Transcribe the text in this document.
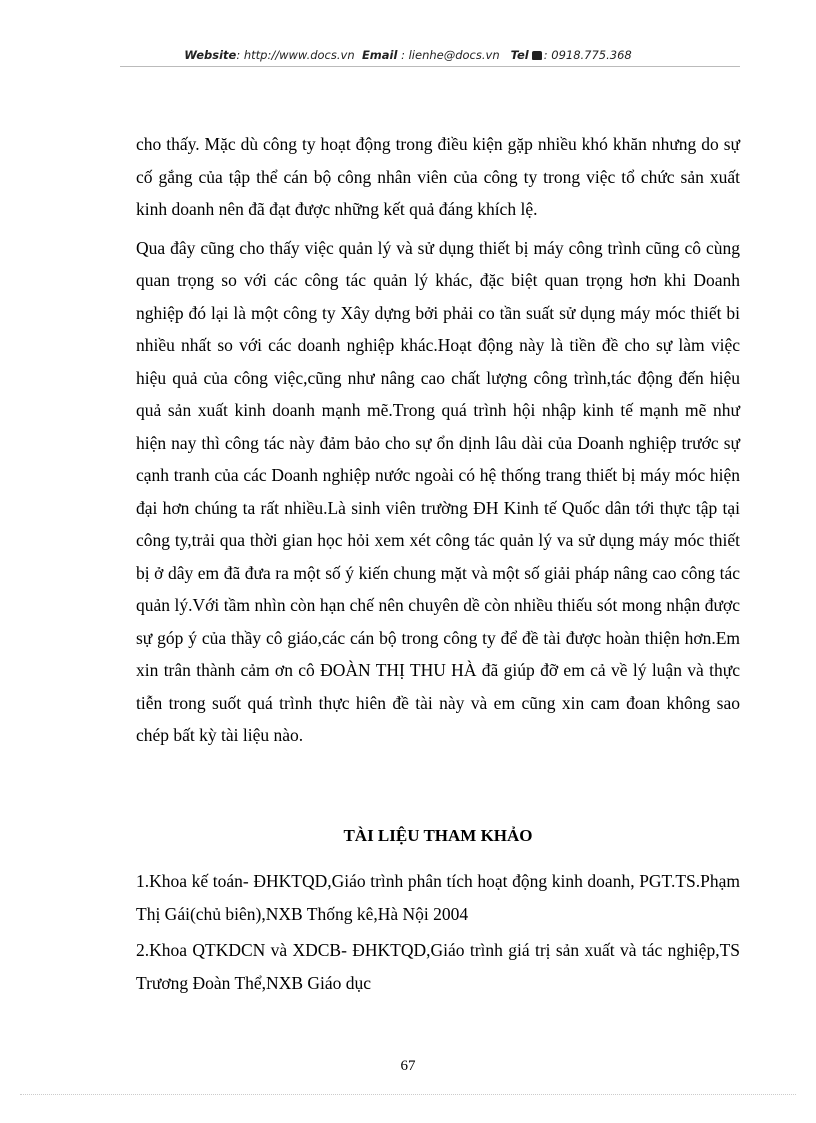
Website: http://www.docs.vn Email : lienhe@docs.vn Tel : 0918.775.368

cho thấy. Mặc dù công ty hoạt động trong điều kiện gặp nhiều khó khăn nhưng do sự cố gắng của tập thể cán bộ công nhân viên của công ty trong việc tổ chức sản xuất kinh doanh nên đã đạt được những kết quả đáng khích lệ.

Qua đây cũng cho thấy việc quản lý và sử dụng thiết bị máy công trình cũng cô cùng quan trọng so với các công tác quản lý khác, đặc biệt quan trọng hơn khi Doanh nghiệp đó lại là một công ty Xây dựng bởi phải co tần suất sử dụng máy móc thiết bi nhiều nhất so với các doanh nghiệp khác.Hoạt động này là tiền đề cho sự làm việc hiệu quả của công việc,cũng như nâng cao chất lượng công trình,tác động đến hiệu quả sản xuất kinh doanh mạnh mẽ.Trong quá trình hội nhập kinh tế mạnh mẽ như hiện nay thì công tác này đảm bảo cho sự ổn dịnh lâu dài của Doanh nghiệp trước sự cạnh tranh của các Doanh nghiệp nước ngoài có hệ thống trang thiết bị máy móc hiện đại hơn chúng ta rất nhiều.Là sinh viên trường ĐH Kinh tế Quốc dân tới thực tập tại công ty,trải qua thời gian học hỏi xem xét công tác quản lý va sử dụng máy móc thiết bị ở dây em đã đưa ra một số ý kiến chung mặt và một số giải pháp nâng cao công tác quản lý.Với tầm nhìn còn hạn chế nên chuyên dề còn nhiều thiếu sót mong nhận được sự góp ý của thầy cô giáo,các cán bộ trong công ty để đề tài được hoàn thiện hơn.Em xin trân thành cảm ơn cô ĐOÀN THỊ THU HÀ đã giúp đỡ em cả về lý luận và thực tiễn trong suốt quá trình thực hiên đề tài này và em cũng xin cam đoan không sao chép bất kỳ tài liệu nào.

TÀI LIỆU THAM KHẢO

1.Khoa kế toán- ĐHKTQD,Giáo trình phân tích hoạt động kinh doanh, PGT.TS.Phạm Thị Gái(chủ biên),NXB Thống kê,Hà Nội 2004

2.Khoa QTKDCN và XDCB- ĐHKTQD,Giáo trình giá trị sản xuất và tác nghiệp,TS Trương Đoàn Thể,NXB Giáo dục

67
